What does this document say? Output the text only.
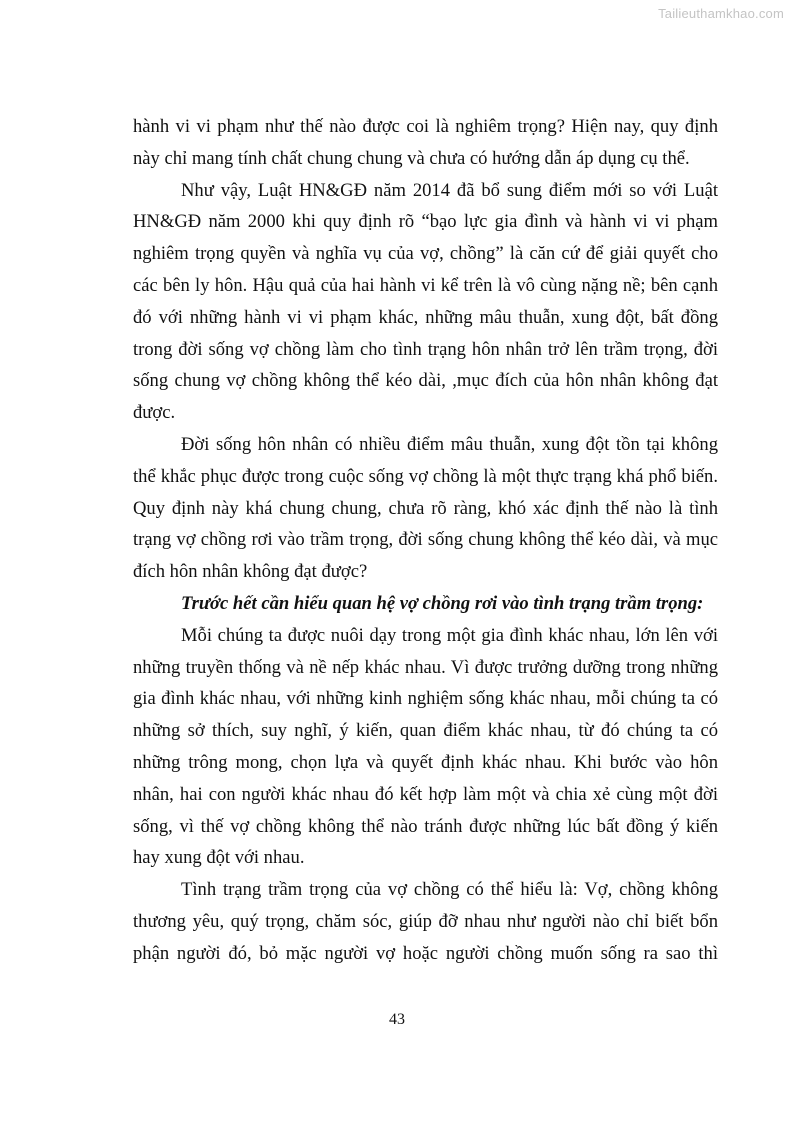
Tailieuthamkhao.com
hành vi vi phạm như thế nào được coi là nghiêm trọng? Hiện nay, quy định
này chỉ mang tính chất chung chung và chưa có hướng dẫn áp dụng cụ thể.
Như vậy, Luật HN&GĐ năm 2014 đã bổ sung điểm mới so với Luật
HN&GĐ năm 2000 khi quy định rõ “bạo lực gia đình và hành vi vi phạm
nghiêm trọng quyền và nghĩa vụ của vợ, chồng” là căn cứ để giải quyết cho
các bên ly hôn. Hậu quả của hai hành vi kể trên là vô cùng nặng nề; bên cạnh
đó với những hành vi vi phạm khác, những mâu thuẫn, xung đột, bất đồng
trong đời sống vợ chồng làm cho tình trạng hôn nhân trở lên trầm trọng, đời
sống chung vợ chồng không thể kéo dài, ,mục đích của hôn nhân không đạt
được.
Đời sống hôn nhân có nhiều điểm mâu thuẫn, xung đột tồn tại không
thể khắc phục được trong cuộc sống vợ chồng là một thực trạng khá phổ biến.
Quy định này khá chung chung, chưa rõ ràng, khó xác định thế nào là tình
trạng vợ chồng rơi vào trầm trọng, đời sống chung không thể kéo dài, và mục
đích hôn nhân không đạt được?
Trước hết cần hiểu quan hệ vợ chồng rơi vào tình trạng trầm trọng:
Mỗi chúng ta được nuôi dạy trong một gia đình khác nhau, lớn lên với
những truyền thống và nề nếp khác nhau. Vì được trưởng dưỡng trong những
gia đình khác nhau, với những kinh nghiệm sống khác nhau, mỗi chúng ta có
những sở thích, suy nghĩ, ý kiến, quan điểm khác nhau, từ đó chúng ta có
những trông mong, chọn lựa và quyết định khác nhau. Khi bước vào hôn
nhân, hai con người khác nhau đó kết hợp làm một và chia xẻ cùng một đời
sống, vì thế vợ chồng không thể nào tránh được những lúc bất đồng ý kiến
hay xung đột với nhau.
Tình trạng trầm trọng của vợ chồng có thể hiểu là: Vợ, chồng không
thương yêu, quý trọng, chăm sóc, giúp đỡ nhau như người nào chỉ biết bổn
phận người đó, bỏ mặc người vợ hoặc người chồng muốn sống ra sao thì
43
